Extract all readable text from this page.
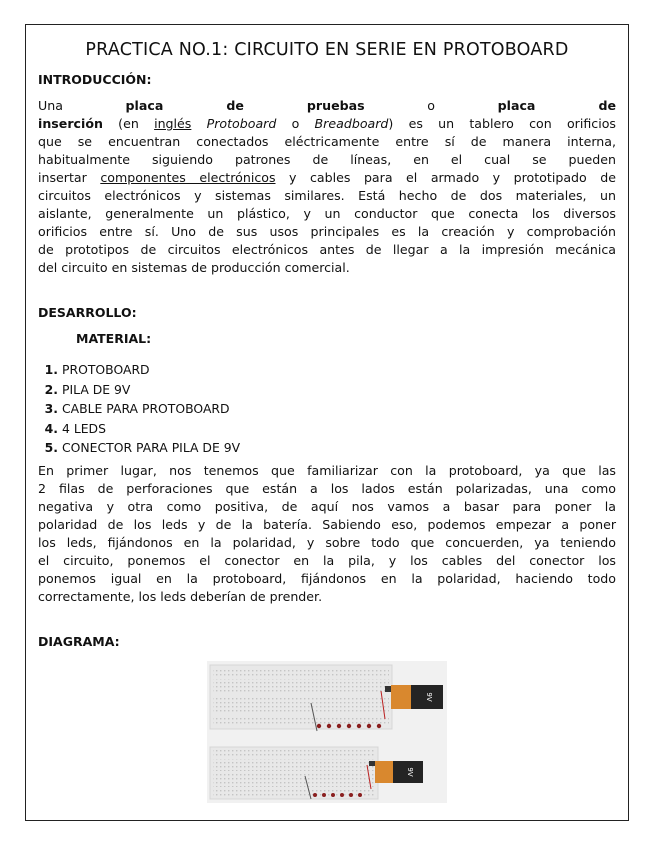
PRACTICA NO.1: CIRCUITO EN SERIE EN PROTOBOARD
INTRODUCCIÓN:
Una placa de pruebas o placa de
inserción (en inglés Protoboard o Breadboard) es un tablero con orificios
que se encuentran conectados eléctricamente entre sí de manera interna,
habitualmente siguiendo patrones de líneas, en el cual se pueden
insertar componentes electrónicos y cables para el armado y prototipado de
circuitos electrónicos y sistemas similares. Está hecho de dos materiales, un
aislante, generalmente un plástico, y un conductor que conecta los diversos
orificios entre sí. Uno de sus usos principales es la creación y comprobación
de prototipos de circuitos electrónicos antes de llegar a la impresión mecánica
del circuito en sistemas de producción comercial.
DESARROLLO:
MATERIAL:
1. PROTOBOARD
2. PILA DE 9V
3. CABLE PARA PROTOBOARD
4. 4 LEDS
5. CONECTOR PARA PILA DE 9V
En primer lugar, nos tenemos que familiarizar con la protoboard, ya que las
2 filas de perforaciones que están a los lados están polarizadas, una como
negativa y otra como positiva, de aquí nos vamos a basar para poner la
polaridad de los leds y de la batería. Sabiendo eso, podemos empezar a poner
los leds, fijándonos en la polaridad, y sobre todo que concuerden, ya teniendo
el circuito, ponemos el conector en la pila, y los cables del conector los
ponemos igual en la protoboard, fijándonos en la polaridad, haciendo todo
correctamente, los leds deberían de prender.
DIAGRAMA:
9V
9V
